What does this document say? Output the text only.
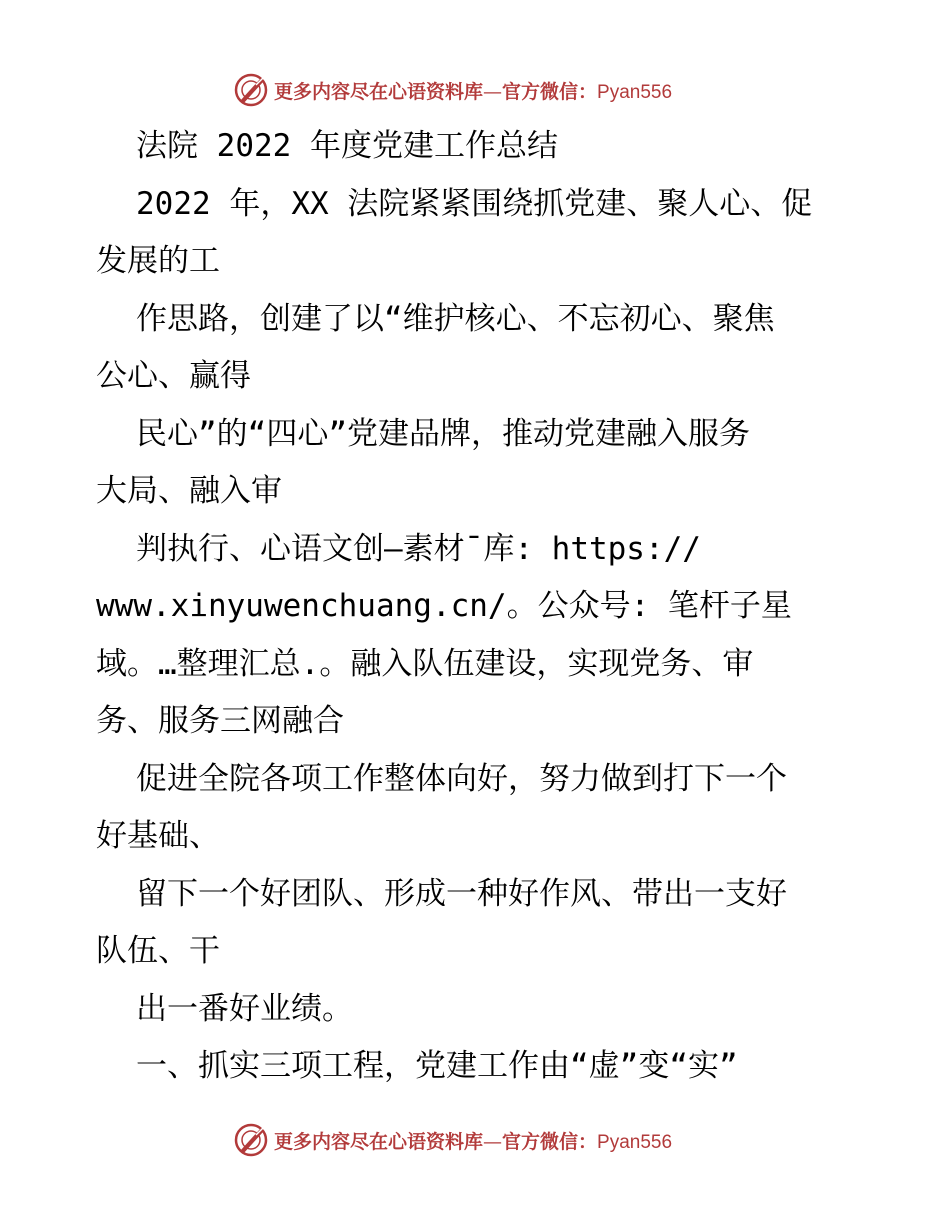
更多内容尽在心语资料库—官方微信：Pyan556
法院 2022 年度党建工作总结
2022 年，XX 法院紧紧围绕抓党建、聚人心、促
发展的工
作思路，创建了以“维护核心、不忘初心、聚焦
公心、赢得
民心”的“四心”党建品牌，推动党建融入服务
大局、融入审
判执行、心语文创—素材¯库: https://
www.xinyuwenchuang.cn/。公众号: 笔杆子星
域。…整理汇总.。融入队伍建设，实现党务、审
务、服务三网融合
促进全院各项工作整体向好，努力做到打下一个
好基础、
留下一个好团队、形成一种好作风、带出一支好
队伍、干
出一番好业绩。
一、抓实三项工程，党建工作由“虚”变“实”
更多内容尽在心语资料库—官方微信：Pyan556
